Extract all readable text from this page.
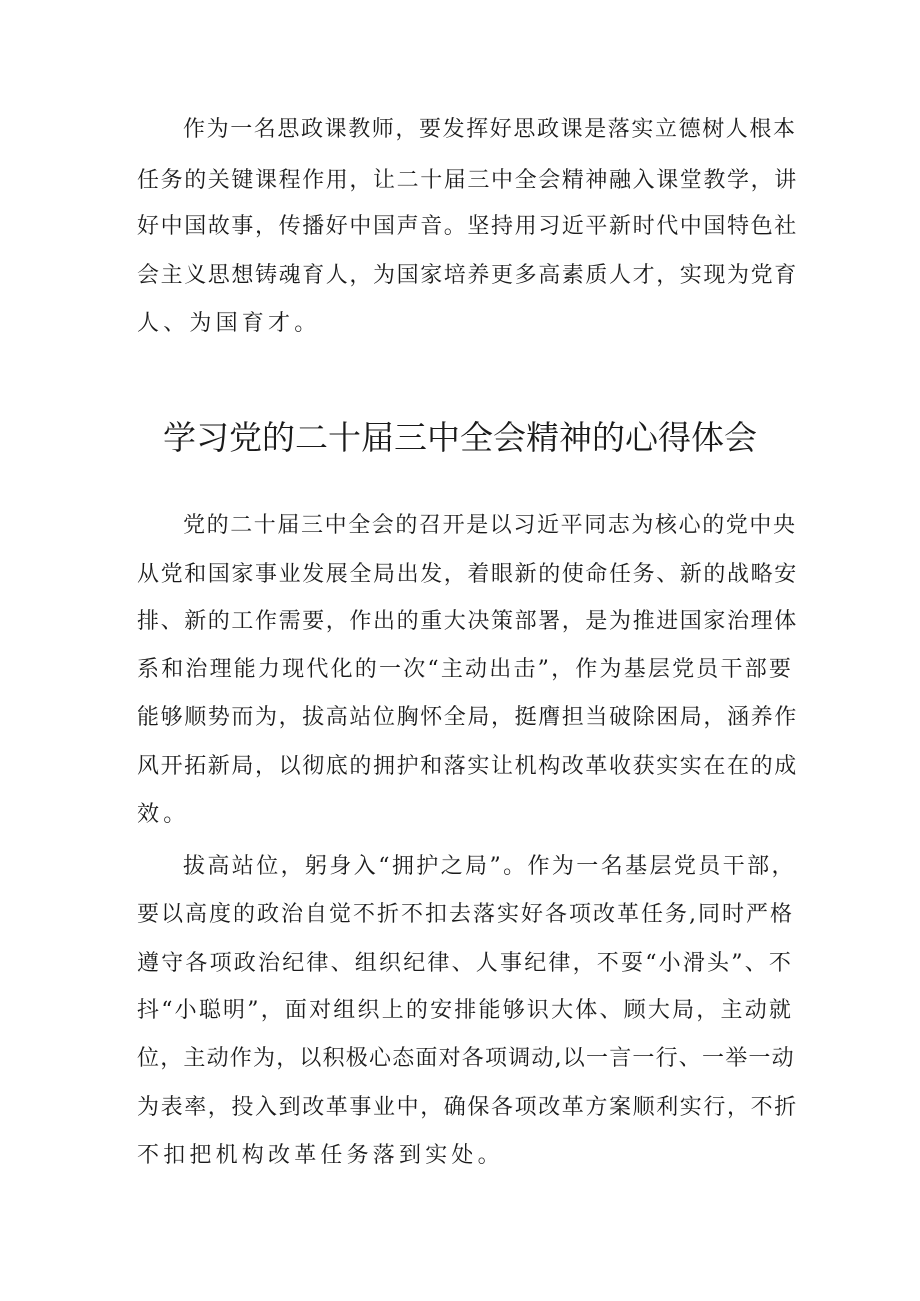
作为一名思政课教师，要发挥好思政课是落实立德树人根本

任务的关键课程作用，让二十届三中全会精神融入课堂教学，讲

好中国故事，传播好中国声音。坚持用习近平新时代中国特色社

会主义思想铸魂育人，为国家培养更多高素质人才，实现为党育

人、为国育才。

学习党的二十届三中全会精神的心得体会

党的二十届三中全会的召开是以习近平同志为核心的党中央

从党和国家事业发展全局出发，着眼新的使命任务、新的战略安

排、新的工作需要，作出的重大决策部署，是为推进国家治理体

系和治理能力现代化的一次“主动出击”，作为基层党员干部要

能够顺势而为，拔高站位胸怀全局，挺膺担当破除困局，涵养作

风开拓新局，以彻底的拥护和落实让机构改革收获实实在在的成

效。

拔高站位，躬身入“拥护之局”。作为一名基层党员干部，

要以高度的政治自觉不折不扣去落实好各项改革任务,同时严格

遵守各项政治纪律、组织纪律、人事纪律，不耍“小滑头”、不

抖“小聪明”，面对组织上的安排能够识大体、顾大局，主动就

位，主动作为，以积极心态面对各项调动,以一言一行、一举一动

为表率，投入到改革事业中，确保各项改革方案顺利实行，不折

不扣把机构改革任务落到实处。
